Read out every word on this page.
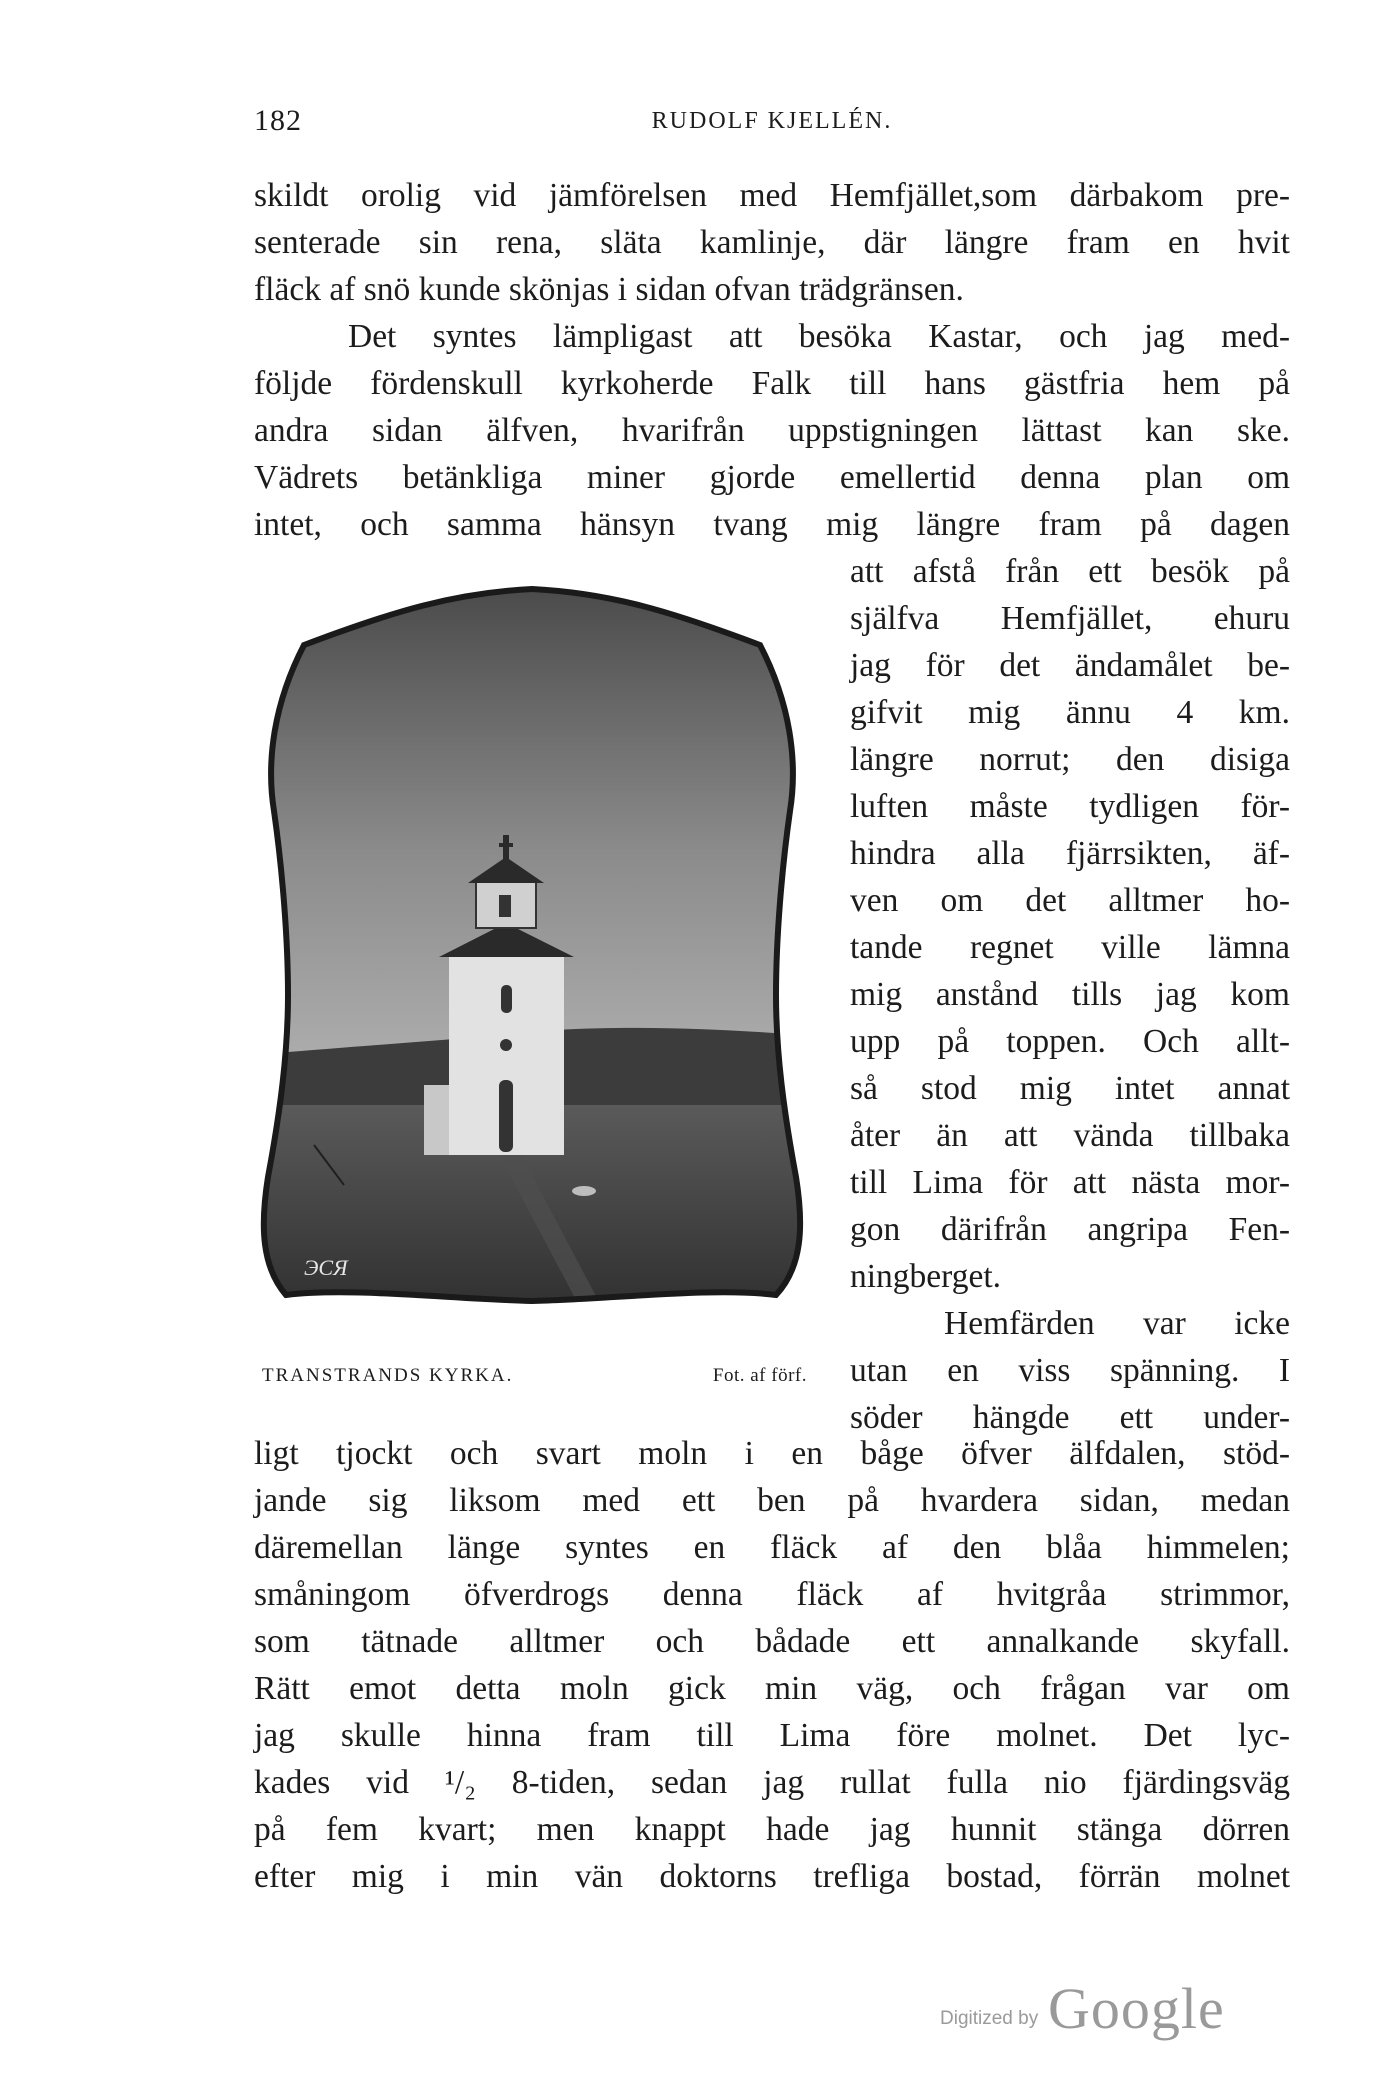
182	RUDOLF KJELLÉN.
skildt orolig vid jämförelsen med Hemfjället,som därbakom pre-
senterade sin rena, släta kamlinje, där längre fram en hvit
fläck af snö kunde skönjas i sidan ofvan trädgränsen.
Det syntes lämpligast att besöka Kastar, och jag med-
följde fördenskull kyrkoherde Falk till hans gästfria hem på
andra sidan älfven, hvarifrån uppstigningen lättast kan ske.
Vädrets betänkliga miner gjorde emellertid denna plan om
intet, och samma hänsyn tvang mig längre fram på dagen
ЭСЯ
TRANSTRANDS KYRKA.	Fot. af förf.
att afstå från ett besök på
själfva Hemfjället, ehuru
jag för det ändamålet be-
gifvit mig ännu 4 km.
längre norrut; den disiga
luften måste tydligen för-
hindra alla fjärrsikten, äf-
ven om det alltmer ho-
tande regnet ville lämna
mig anstånd tills jag kom
upp på toppen. Och allt-
så stod mig intet annat
åter än att vända tillbaka
till Lima för att nästa mor-
gon därifrån angripa Fen-
ningberget.
Hemfärden var icke
utan en viss spänning. I
söder hängde ett under-
ligt tjockt och svart moln i en båge öfver älfdalen, stöd-
jande sig liksom med ett ben på hvardera sidan, medan
däremellan länge syntes en fläck af den blåa himmelen;
småningom öfverdrogs denna fläck af hvitgråa strimmor,
som tätnade alltmer och bådade ett annalkande skyfall.
Rätt emot detta moln gick min väg, och frågan var om
jag skulle hinna fram till Lima före molnet. Det lyc-
kades vid ¹/₂ 8-tiden, sedan jag rullat fulla nio fjärdingsväg
på fem kvart; men knappt hade jag hunnit stänga dörren
efter mig i min vän doktorns trefliga bostad, förrän molnet
Digitized by Google
